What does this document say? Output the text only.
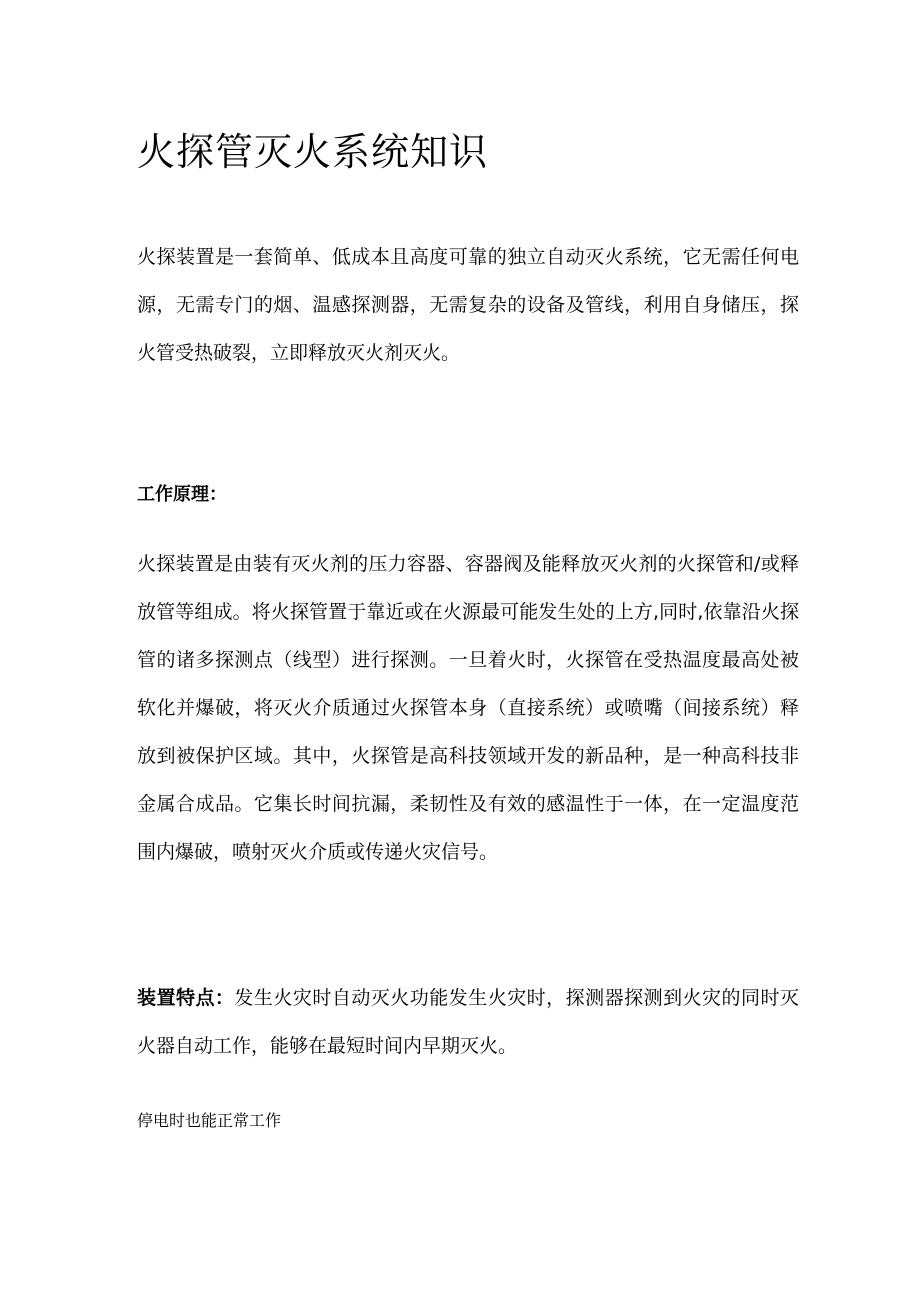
火探管灭火系统知识

火探装置是一套简单、低成本且高度可靠的独立自动灭火系统，它无需任何电源，无需专门的烟、温感探测器，无需复杂的设备及管线，利用自身储压，探火管受热破裂，立即释放灭火剂灭火。

工作原理：

火探装置是由装有灭火剂的压力容器、容器阀及能释放灭火剂的火探管和/或释放管等组成。将火探管置于靠近或在火源最可能发生处的上方,同时,依靠沿火探管的诸多探测点（线型）进行探测。一旦着火时，火探管在受热温度最高处被软化并爆破，将灭火介质通过火探管本身（直接系统）或喷嘴（间接系统）释放到被保护区域。其中，火探管是高科技领域开发的新品种，是一种高科技非金属合成品。它集长时间抗漏，柔韧性及有效的感温性于一体，在一定温度范围内爆破，喷射灭火介质或传递火灾信号。

装置特点：发生火灾时自动灭火功能发生火灾时，探测器探测到火灾的同时灭火器自动工作，能够在最短时间内早期灭火。

停电时也能正常工作
